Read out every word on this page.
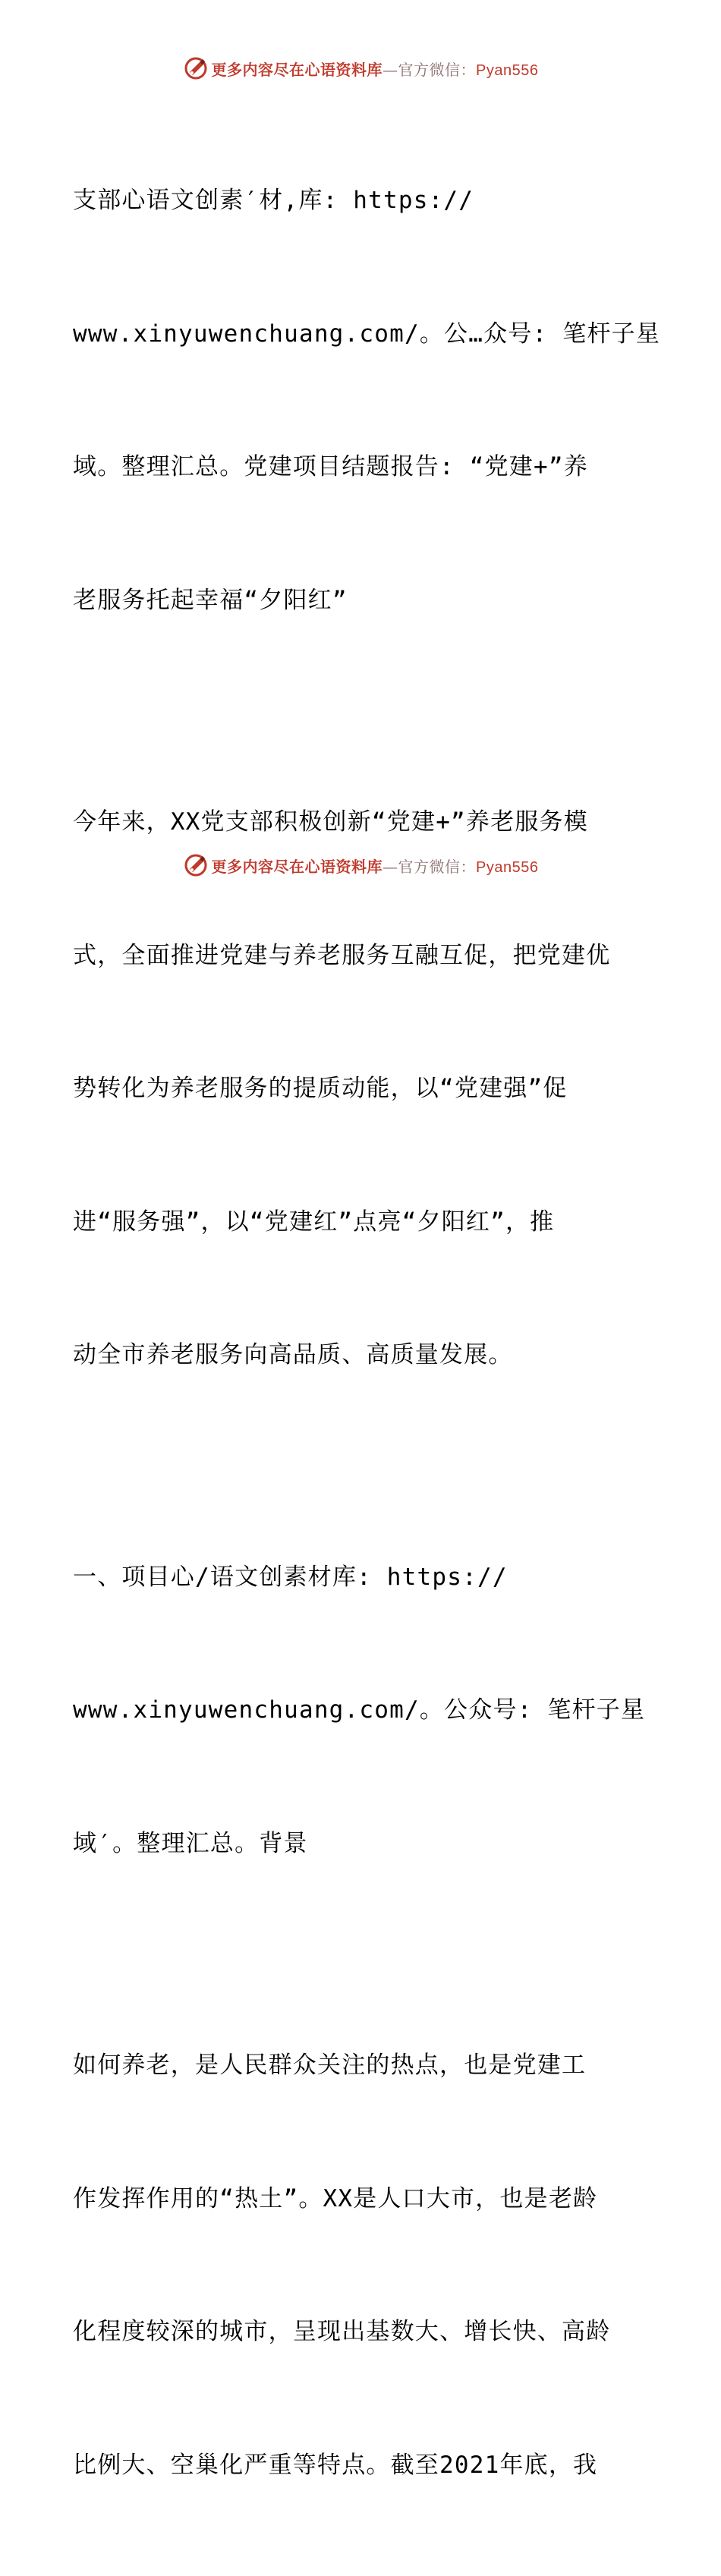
更多内容尽在心语资料库—官方微信：Pyan556

支部心语文创素′材,库: https://

www.xinyuwenchuang.com/。公…众号: 笔杆子星

域。整理汇总。党建项目结题报告: “党建+”养

老服务托起幸福“夕阳红”

今年来，XX党支部积极创新“党建+”养老服务模

式，全面推进党建与养老服务互融互促，把党建优

势转化为养老服务的提质动能，以“党建强”促

进“服务强”，以“党建红”点亮“夕阳红”，推

动全市养老服务向高品质、高质量发展。

一、项目心/语文创素材库: https://

www.xinyuwenchuang.com/。公众号: 笔杆子星

域′。整理汇总。背景

如何养老，是人民群众关注的热点，也是党建工

作发挥作用的“热土”。XX是人口大市，也是老龄

化程度较深的城市，呈现出基数大、增长快、高龄

比例大、空巢化严重等特点。截至2021年底，我

更多内容尽在心语资料库—官方微信：Pyan556
